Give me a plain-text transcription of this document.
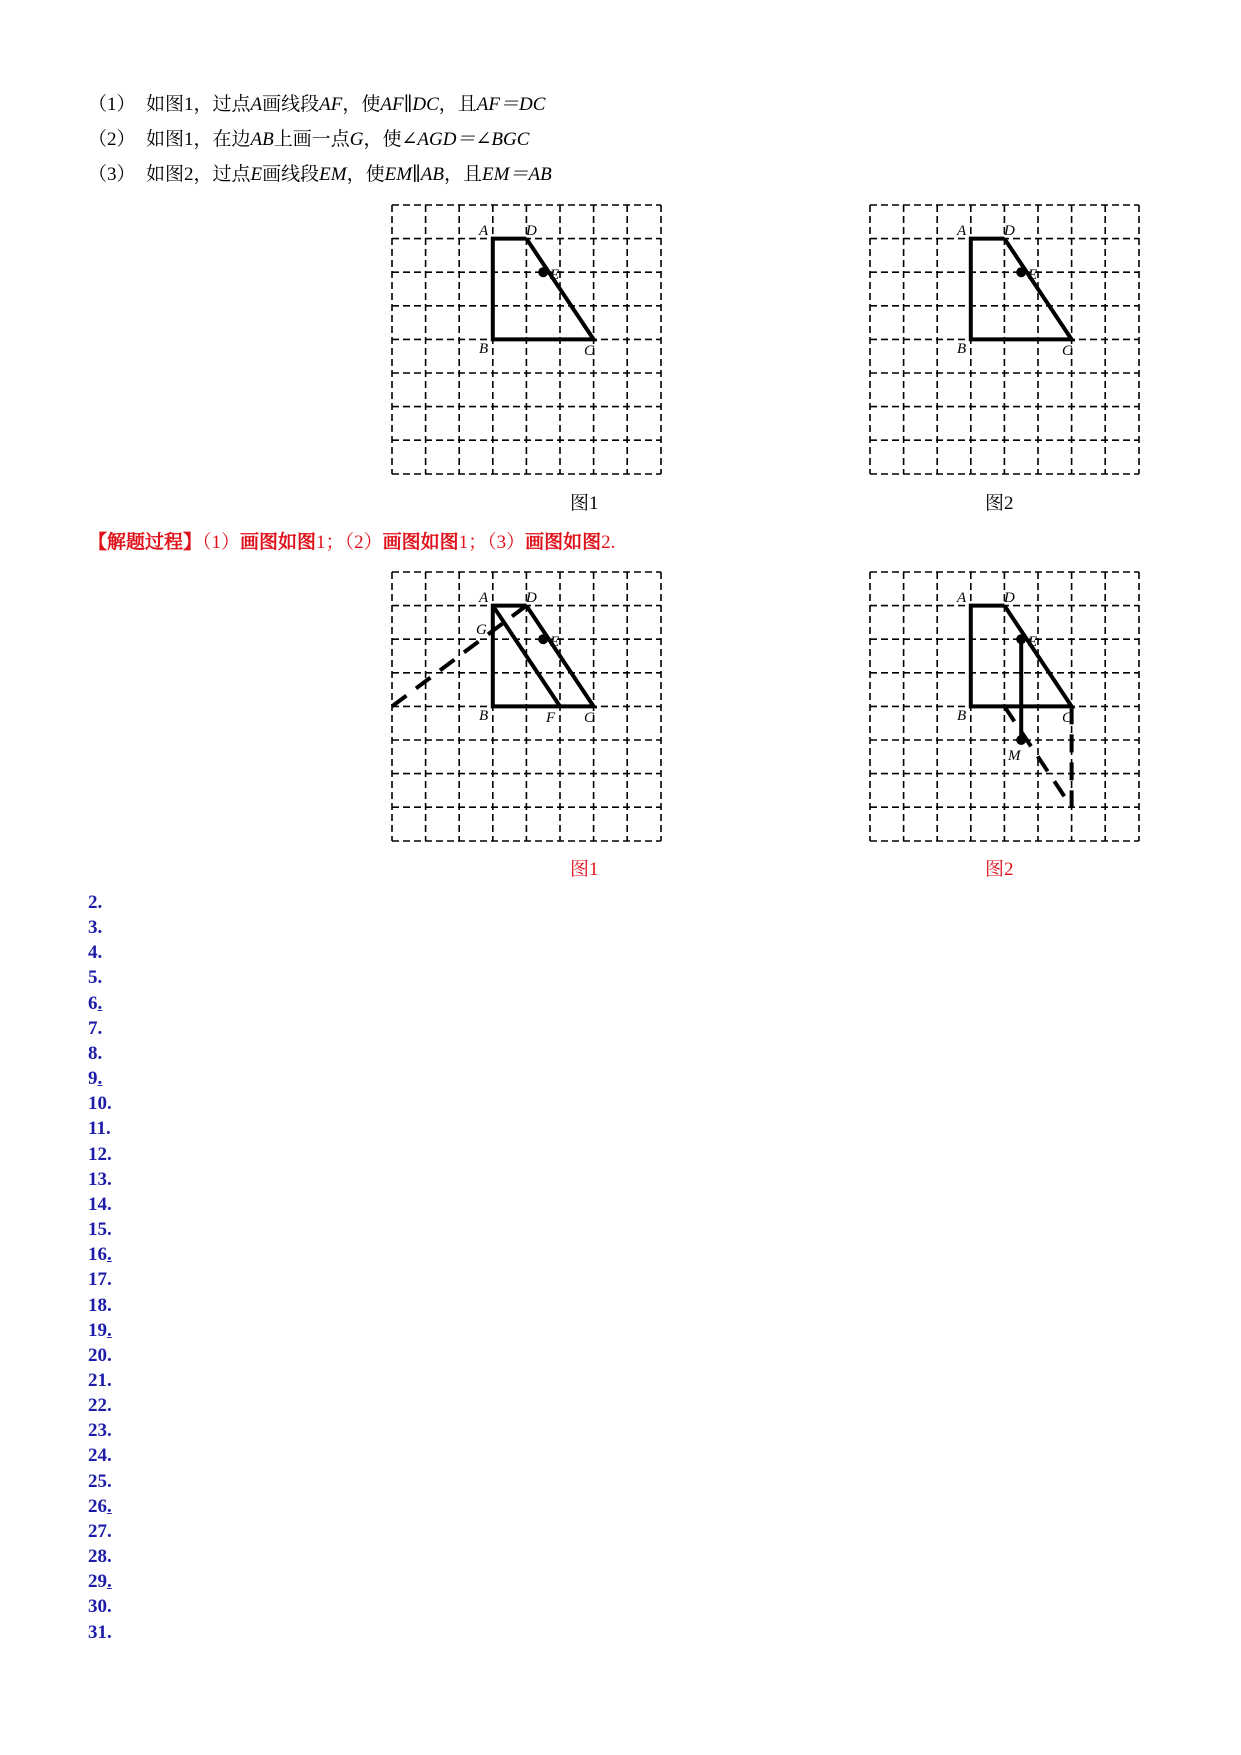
（1） 如图1，过点A画线段AF，使AF∥DC，且AF＝DC
（2） 如图1，在边AB上画一点G，使∠AGD＝∠BGC
（3） 如图2，过点E画线段EM，使EM∥AB，且EM＝AB
A	D
E
B	C
图1
A	D
E
B	C
图2
【解题过程】（1）画图如图1；（2）画图如图1；（3）画图如图2.
A	D
G
E
B	F C
图1
A	D
E
B	C
M
图2
2.
3.
4.
5.
6.
7.
8.
9.
10.
11.
12.
13.
14.
15.
16.
17.
18.
19.
20.
21.
22.
23.
24.
25.
26.
27.
28.
29.
30.
31.
